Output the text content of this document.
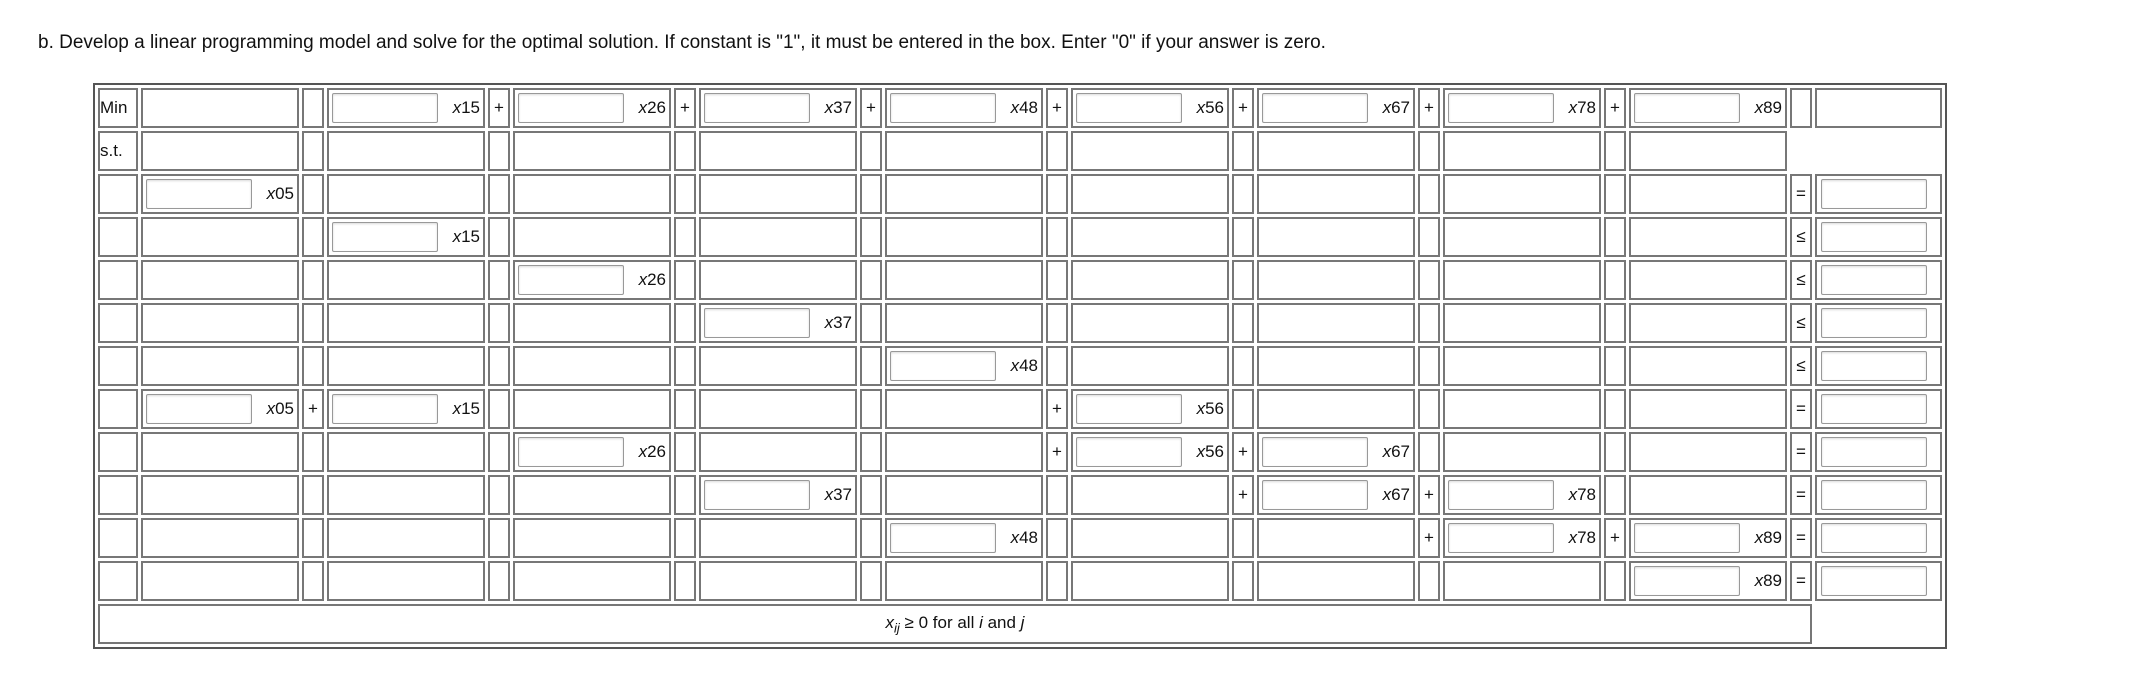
b. Develop a linear programming model and solve for the optimal solution. If constant is "1", it must be entered in the box. Enter "0" if your answer is zero.
Min			x15	+	x26	+	x37	+	x48	+	x56	+	x67	+	x78	+	x89		

s.t.																			

	x05																	=	

			x15															≤	

					x26													≤	

							x37											≤	

									x48									≤	

	x05	+	x15							+	x56							=	

					x26					+	x56	+	x67					=	

							x37					+	x67	+	x78			=	

									x48					+	x78	+	x89	=	

																	x89	=	

$x_{ij} \ge 0$ for all i and j																			
